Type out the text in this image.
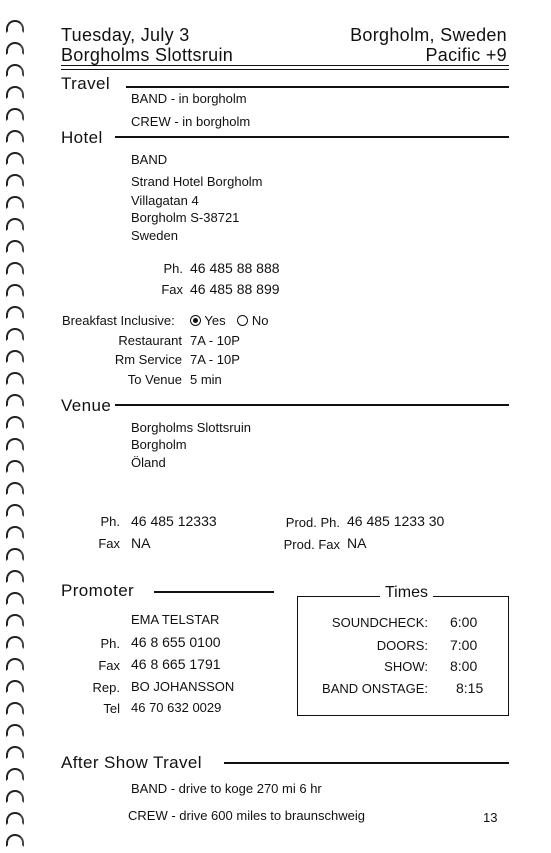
Tuesday, July 3	Borgholm, Sweden
Borgholms Slottsruin	Pacific +9
Travel
BAND - in borgholm
CREW - in borgholm
Hotel
BAND
Strand Hotel Borgholm
Villagatan 4
Borgholm S-38721
Sweden
Ph. 46 485 88 888
Fax 46 485 88 899
Breakfast Inclusive:	Yes No
Restaurant 7A - 10P
Rm Service 7A - 10P
To Venue 5 min
Venue
Borgholms Slottsruin
Borgholm
Öland
Ph. 46 485 12333
Fax NA
Prod. Ph. 46 485 1233 30
Prod. Fax NA
Promoter
EMA TELSTAR
Ph. 46 8 655 0100
Fax 46 8 665 1791
Rep. BO JOHANSSON
Tel 46 70 632 0029
Times
SOUNDCHECK: 6:00
DOORS: 7:00
SHOW: 8:00
BAND ONSTAGE: 8:15
After Show Travel
BAND - drive to koge 270 mi 6 hr
CREW - drive 600 miles to braunschweig	13
